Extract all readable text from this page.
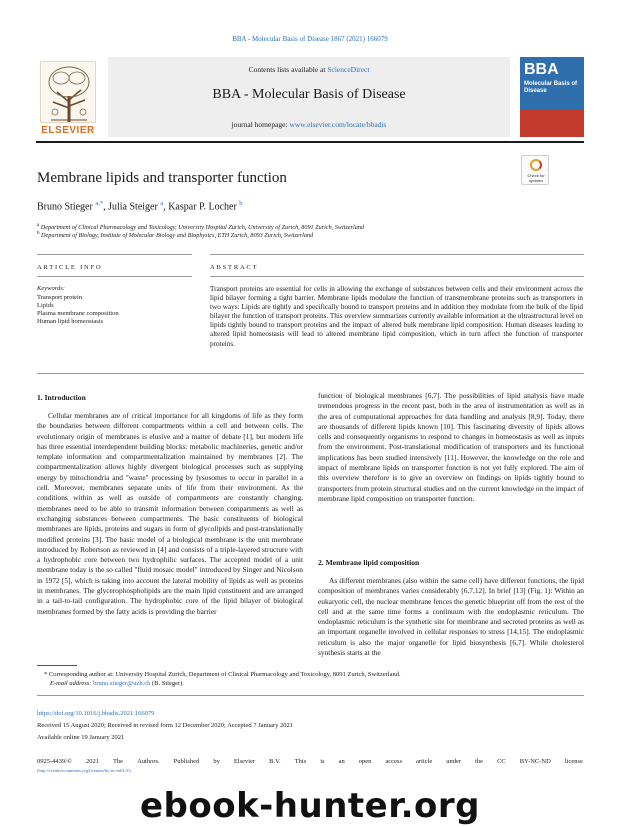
BBA - Molecular Basis of Disease 1867 (2021) 166079
ELSEVIER
Contents lists available at ScienceDirect
BBA - Molecular Basis of Disease
journal homepage: www.elsevier.com/locate/bbadis
BBA
Molecular Basis of Disease
Check for updates
Membrane lipids and transporter function
Bruno Stieger $^{a,*}$, Julia Steiger $^a$, Kaspar P. Locher $^b$
$^a$ Department of Clinical Pharmacology and Toxicology, University Hospital Zurich, University of Zurich, 8091 Zurich, Switzerland
$^b$ Department of Biology, Institute of Molecular Biology and Biophysics, ETH Zurich, 8093 Zurich, Switzerland
ARTICLE INFO	ABSTRACT
Keywords:
Transport protein
Lipids
Plasma membrane composition
Human lipid homeostasis
Transport proteins are essential for cells in allowing the exchange of substances between cells and their environment across the lipid bilayer forming a tight barrier. Membrane lipids modulate the function of transmembrane proteins such as transporters in two ways: Lipids are tightly and specifically bound to transport proteins and in addition they modulate from the bulk of the lipid bilayer the function of transport proteins. This overview summarizes currently available information at the ultrastructural level on lipids tightly bound to transport proteins and the impact of altered bulk membrane lipid composition. Human diseases leading to altered lipid homeostasis will lead to altered membrane lipid composition, which in turn affect the function of transporter proteins.
1. Introduction

Cellular membranes are of critical importance for all kingdoms of life as they form the boundaries between different compartments within a cell and between cells. The evolutionary origin of membranes is elusive and a matter of debate [1], but modern life has three essential interdependent building blocks: metabolic machineries, genetic and/or template information and compartmentalization maintained by membranes [2]. The compartmentalization allows highly divergent biological processes such as supplying energy by mitochondria and "waste" processing by lysosomes to occur in parallel in a cell. Moreover, membranes separate units of life from their environment. As the conditions within as well as outside of compartments are constantly changing, membranes need to be able to transmit information between compartments as well as exchanging substances between compartments. The basic constituents of biological membranes are lipids, proteins and sugars in form of glycolipids and post-translationally modified proteins [3]. The basic model of a biological membrane is the unit membrane introduced by Robertson as reviewed in [4] and consists of a triple-layered structure with a hydrophobic core between two hydrophilic surfaces. The accepted model of a unit membrane today is the so called "fluid mosaic model" introduced by Singer and Nicolson in 1972 [5], which is taking into account the lateral mobility of lipids as well as proteins in membranes. The glycerophospholipids are the main lipid constituent and are arranged in a tail-to-tail configuration. The hydrophobic core of the lipid bilayer of biological membranes formed by the fatty acids is providing the barrier

function of biological membranes [6,7]. The possibilities of lipid analysis have made tremendous progress in the recent past, both in the area of instrumentation as well as in the area of computational approaches for data handling and analysis [8,9]. Today, there are thousands of different lipids known [10]. This fascinating diversity of lipids allows cells and consequently organisms to respond to changes in homeostasis as well as inputs from the environment. Post-translational modification of transporters and its functional implications has been studied intensively [11]. However, the knowledge on the role and impact of membrane lipids on transporter function is not yet fully explored. The aim of this overview therefore is to give an overview on findings on lipids tightly bound to transporters from protein structural studies and on the current knowledge on the impact of membrane lipid composition on transporter function.

2. Membrane lipid composition

As different membranes (also within the same cell) have different functions, the lipid composition of membranes varies considerably [6,7,12]. In brief [13] (Fig. 1): Within an eukaryotic cell, the nuclear membrane fences the genetic blueprint off from the rest of the cell and at the same time forms a continuum with the endoplasmic reticulum. The endoplasmic reticulum is the synthetic site for membrane and secreted proteins as well as an important organelle involved in cellular responses to stress [14,15]. The endoplasmic reticulum is also the major organelle for lipid biosynthesis [6,7]. While cholesterol synthesis starts at the

* Corresponding author at: University Hospital Zurich, Department of Clinical Pharmacology and Toxicology, 8091 Zurich, Switzerland.
E-mail address: bruno.stieger@uzh.ch (B. Stieger).
https://doi.org/10.1016/j.bbadis.2021.166079
Received 15 August 2020; Received in revised form 12 December 2020; Accepted 7 January 2021
Available online 19 January 2021
0925-4439/© 2021 The Authors. Published by Elsevier B.V. This is an open access article under the CC BY-NC-ND license
(http://creativecommons.org/licenses/by-nc-nd/4.0/).
ebook-hunter.org
